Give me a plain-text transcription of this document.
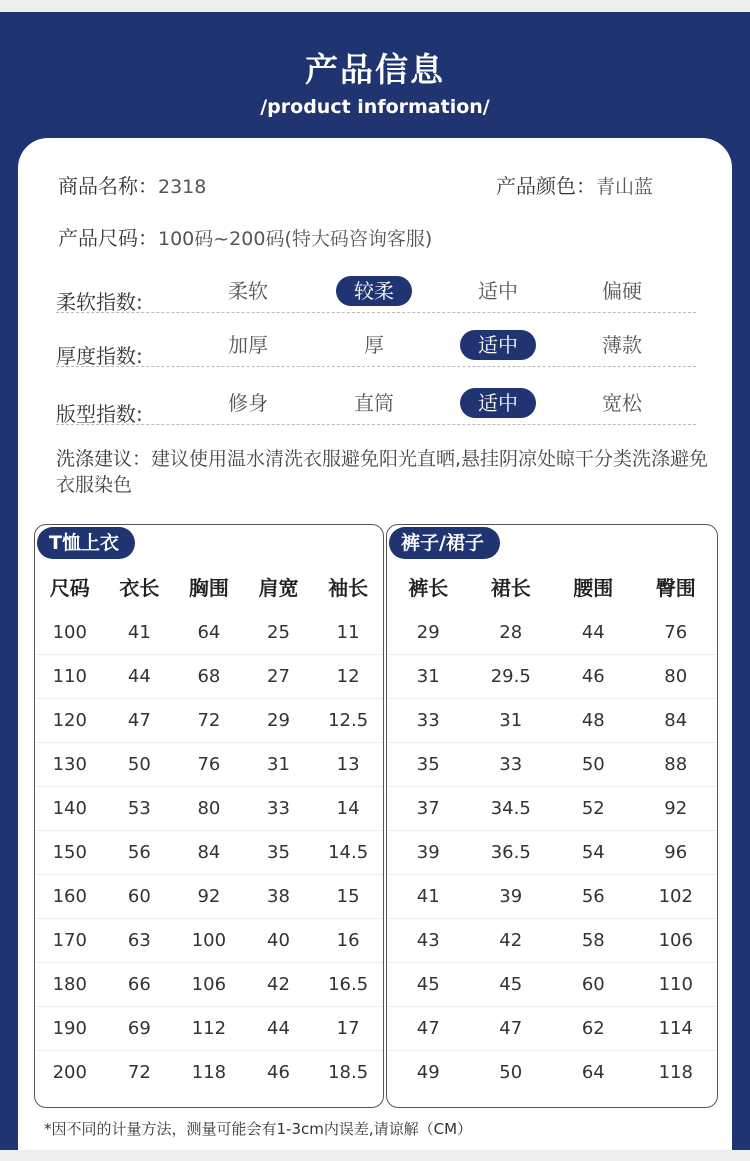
产品信息
/product information/
商品名称：2318	产品颜色：青山蓝
产品尺码：100码~200码(特大码咨询客服)
柔软指数:	柔软	较柔	适中	偏硬
厚度指数:	加厚	厚	适中	薄款
版型指数:	修身	直筒	适中	宽松
洗涤建议：建议使用温水清洗衣服避免阳光直晒,悬挂阴凉处晾干分类洗涤避免衣服染色
T恤上衣
尺码	衣长	胸围	肩宽	袖长
100	41	64	25	11
110	44	68	27	12
120	47	72	29	12.5
130	50	76	31	13
140	53	80	33	14
150	56	84	35	14.5
160	60	92	38	15
170	63	100	40	16
180	66	106	42	16.5
190	69	112	44	17
200	72	118	46	18.5
裤子/裙子
裤长	裙长	腰围	臀围
29	28	44	76
31	29.5	46	80
33	31	48	84
35	33	50	88
37	34.5	52	92
39	36.5	54	96
41	39	56	102
43	42	58	106
45	45	60	110
47	47	62	114
49	50	64	118
*因不同的计量方法，测量可能会有1-3cm内误差,请谅解（CM）
